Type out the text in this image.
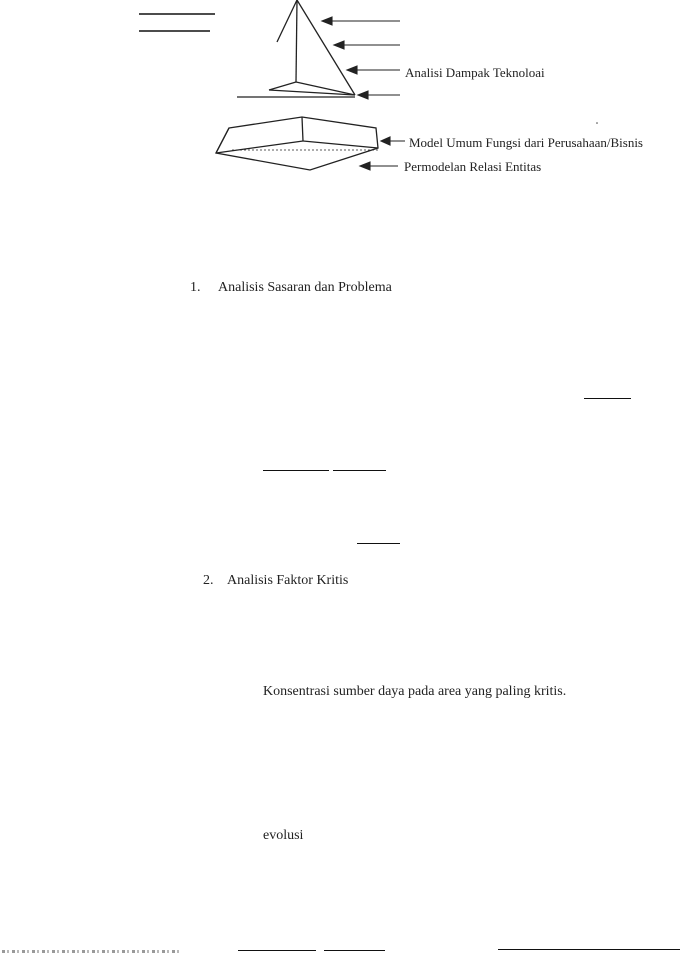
Analisi Dampak Teknoloai
Model Umum Fungsi dari Perusahaan/Bisnis
Permodelan Relasi Entitas
1. Analisis Sasaran dan Problema
2. Analisis Faktor Kritis
Konsentrasi sumber daya pada area yang paling kritis.
evolusi
